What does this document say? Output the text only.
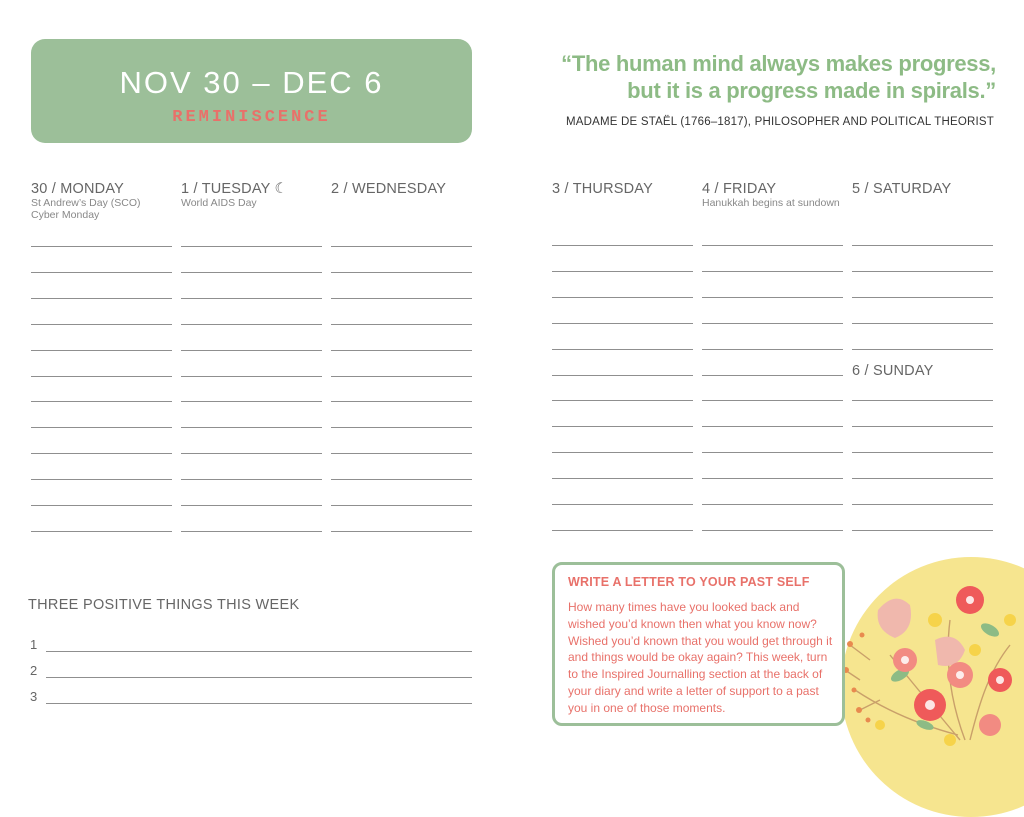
NOV 30 – DEC 6
REMINISCENCE
“The human mind always makes progress,
but it is a progress made in spirals.”
MADAME DE STAËL (1766–1817), PHILOSOPHER AND POLITICAL THEORIST
30 / MONDAY
St Andrew’s Day (SCO)
Cyber Monday
1 / TUESDAY ☾
World AIDS Day
2 / WEDNESDAY	3 / THURSDAY	4 / FRIDAY
Hanukkah begins at sundown
5 / SATURDAY
6 / SUNDAY
THREE POSITIVE THINGS THIS WEEK
1
2
3
WRITE A LETTER TO YOUR PAST SELF
How many times have you looked back and wished you’d known then what you know now? Wished you’d known that you would get through it and things would be okay again? This week, turn to the Inspired Journalling section at the back of your diary and write a letter of support to a past you in one of those moments.
